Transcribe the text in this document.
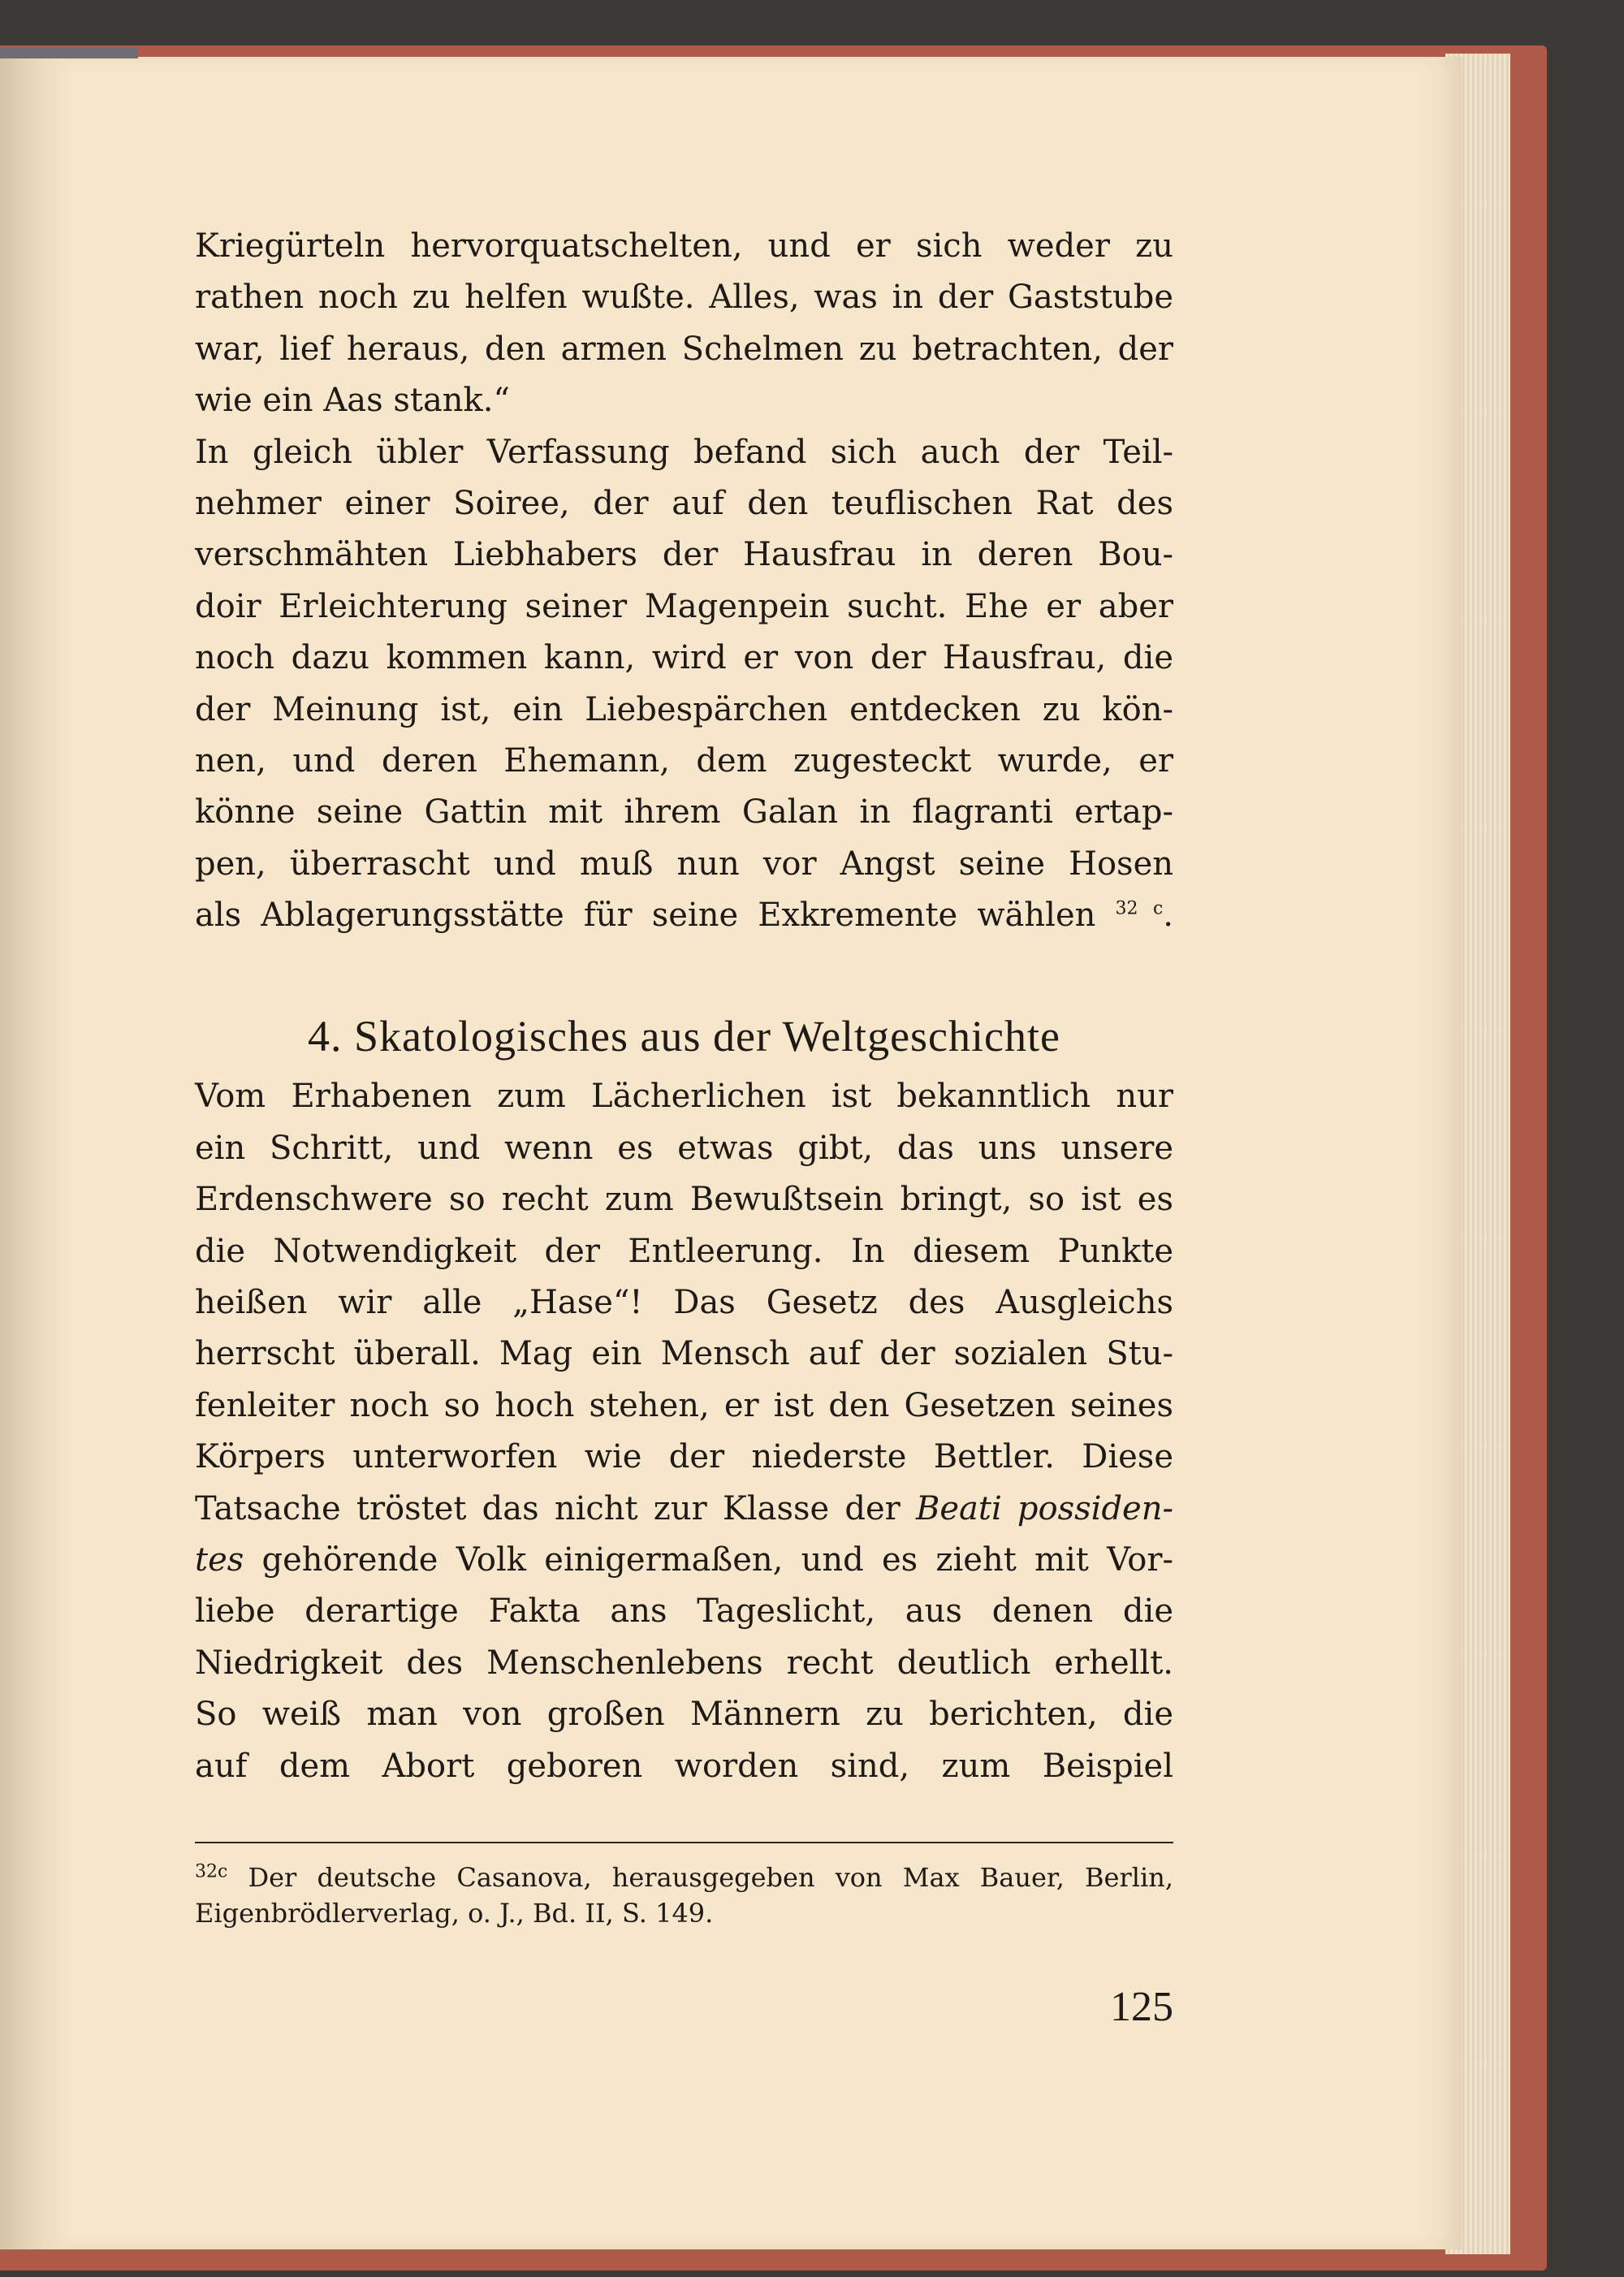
Kriegürteln hervorquatschelten, und er sich weder zu
rathen noch zu helfen wußte. Alles, was in der Gaststube
war, lief heraus, den armen Schelmen zu betrachten, der
wie ein Aas stank.“
In gleich übler Verfassung befand sich auch der Teil-
nehmer einer Soiree, der auf den teuflischen Rat des
verschmähten Liebhabers der Hausfrau in deren Bou-
doir Erleichterung seiner Magenpein sucht. Ehe er aber
noch dazu kommen kann, wird er von der Hausfrau, die
der Meinung ist, ein Liebespärchen entdecken zu kön-
nen, und deren Ehemann, dem zugesteckt wurde, er
könne seine Gattin mit ihrem Galan in flagranti ertap-
pen, überrascht und muß nun vor Angst seine Hosen
als Ablagerungsstätte für seine Exkremente wählen $^{32 c}$.
4. Skatologisches aus der Weltgeschichte
Vom Erhabenen zum Lächerlichen ist bekanntlich nur
ein Schritt, und wenn es etwas gibt, das uns unsere
Erdenschwere so recht zum Bewußtsein bringt, so ist es
die Notwendigkeit der Entleerung. In diesem Punkte
heißen wir alle „Hase“! Das Gesetz des Ausgleichs
herrscht überall. Mag ein Mensch auf der sozialen Stu-
fenleiter noch so hoch stehen, er ist den Gesetzen seines
Körpers unterworfen wie der niederste Bettler. Diese
Tatsache tröstet das nicht zur Klasse der Beati possiden-
tes gehörende Volk einigermaßen, und es zieht mit Vor-
liebe derartige Fakta ans Tageslicht, aus denen die
Niedrigkeit des Menschenlebens recht deutlich erhellt.
So weiß man von großen Männern zu berichten, die
auf dem Abort geboren worden sind, zum Beispiel
$^{32c}$ Der deutsche Casanova, herausgegeben von Max Bauer, Berlin,
Eigenbrödlerverlag, o. J., Bd. II, S. 149.
125
